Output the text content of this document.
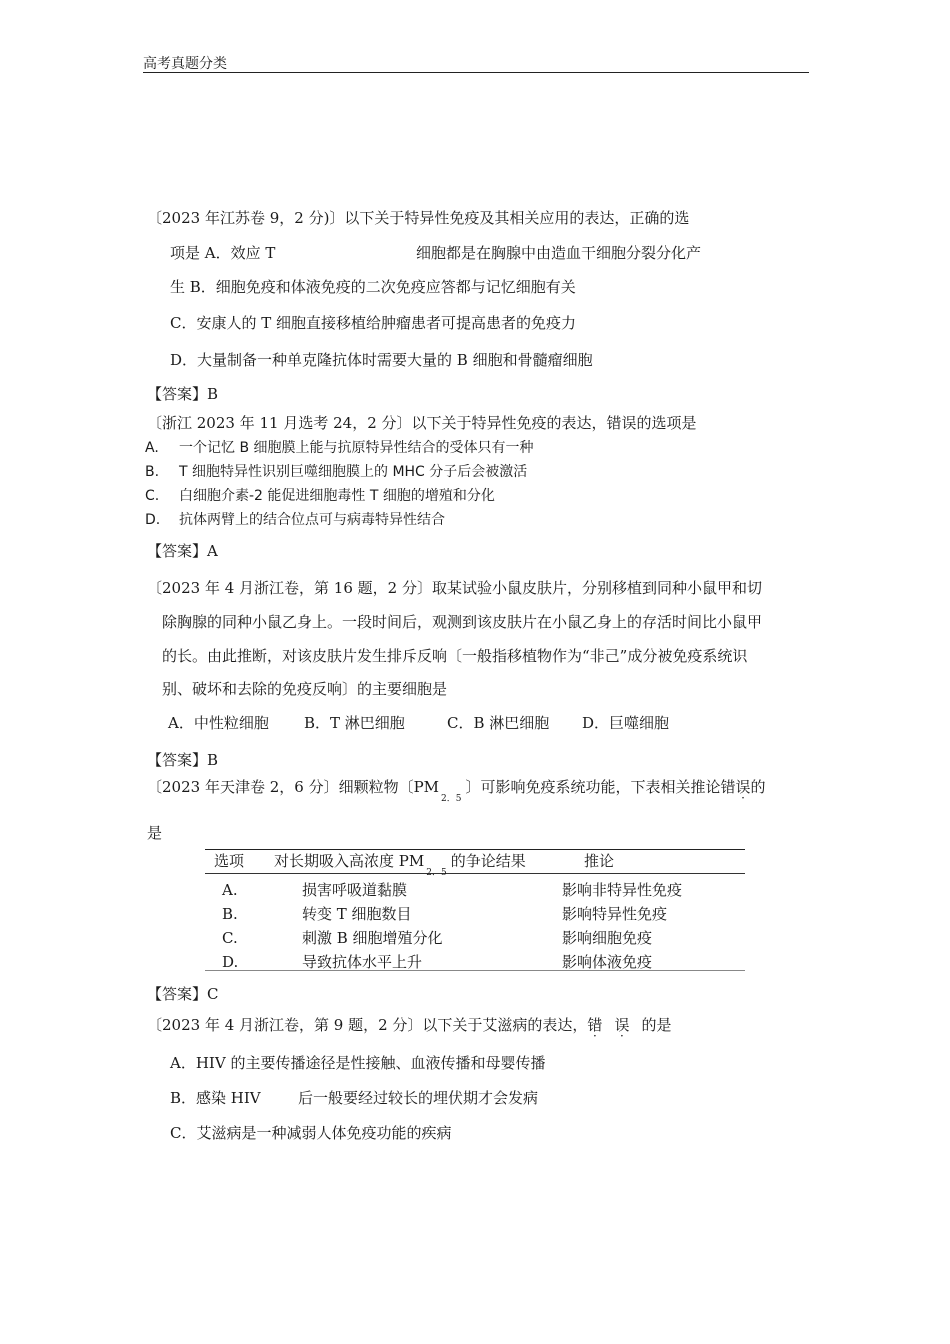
高考真题分类
〔2023 年江苏卷 9，2 分)〕以下关于特异性免疫及其相关应用的表达，正确的选
项是 A．效应 T	细胞都是在胸腺中由造血干细胞分裂分化产
生 B．细胞免疫和体液免疫的二次免疫应答都与记忆细胞有关
C．安康人的 T 细胞直接移植给肿瘤患者可提高患者的免疫力
D．大量制备一种单克隆抗体时需要大量的 B 细胞和骨髓瘤细胞
【答案】B
〔浙江 2023 年 11 月选考 24，2 分〕以下关于特异性免疫的表达，错误的选项是
A. 一个记忆 B 细胞膜上能与抗原特异性结合的受体只有一种
B. T 细胞特异性识别巨噬细胞膜上的 MHC 分子后会被激活
C. 白细胞介素-2 能促进细胞毒性 T 细胞的增殖和分化
D. 抗体两臂上的结合位点可与病毒特异性结合
【答案】A
〔2023 年 4 月浙江卷，第 16 题，2 分〕取某试验小鼠皮肤片，分别移植到同种小鼠甲和切
除胸腺的同种小鼠乙身上。一段时间后，观测到该皮肤片在小鼠乙身上的存活时间比小鼠甲
的长。由此推断，对该皮肤片发生排斥反响〔一般指移植物作为“非己”成分被免疫系统识
别、破坏和去除的免疫反响〕的主要细胞是
A．中性粒细胞 B．T 淋巴细胞	C．B 淋巴细胞 D．巨噬细胞
【答案】B
〔2023 年天津卷 2，6 分〕细颗粒物〔$PM_{2.5}$〕可影响免疫系统功能，下表相关推论错误的
是
选项 对长期吸入高浓度 $PM_{2.5}$的争论结果	推论
A.	损害呼吸道黏膜	影响非特异性免疫
B.	转变 T 细胞数目	影响特异性免疫
C.	刺激 B 细胞增殖分化	影响细胞免疫
D.	导致抗体水平上升	影响体液免疫
【答案】C
〔2023 年 4 月浙江卷，第 9 题，2 分〕以下关于艾滋病的表达，错 误 的是
A．HIV 的主要传播途径是性接触、血液传播和母婴传播
B．感染 HIV 后一般要经过较长的埋伏期才会发病
C．艾滋病是一种减弱人体免疫功能的疾病
